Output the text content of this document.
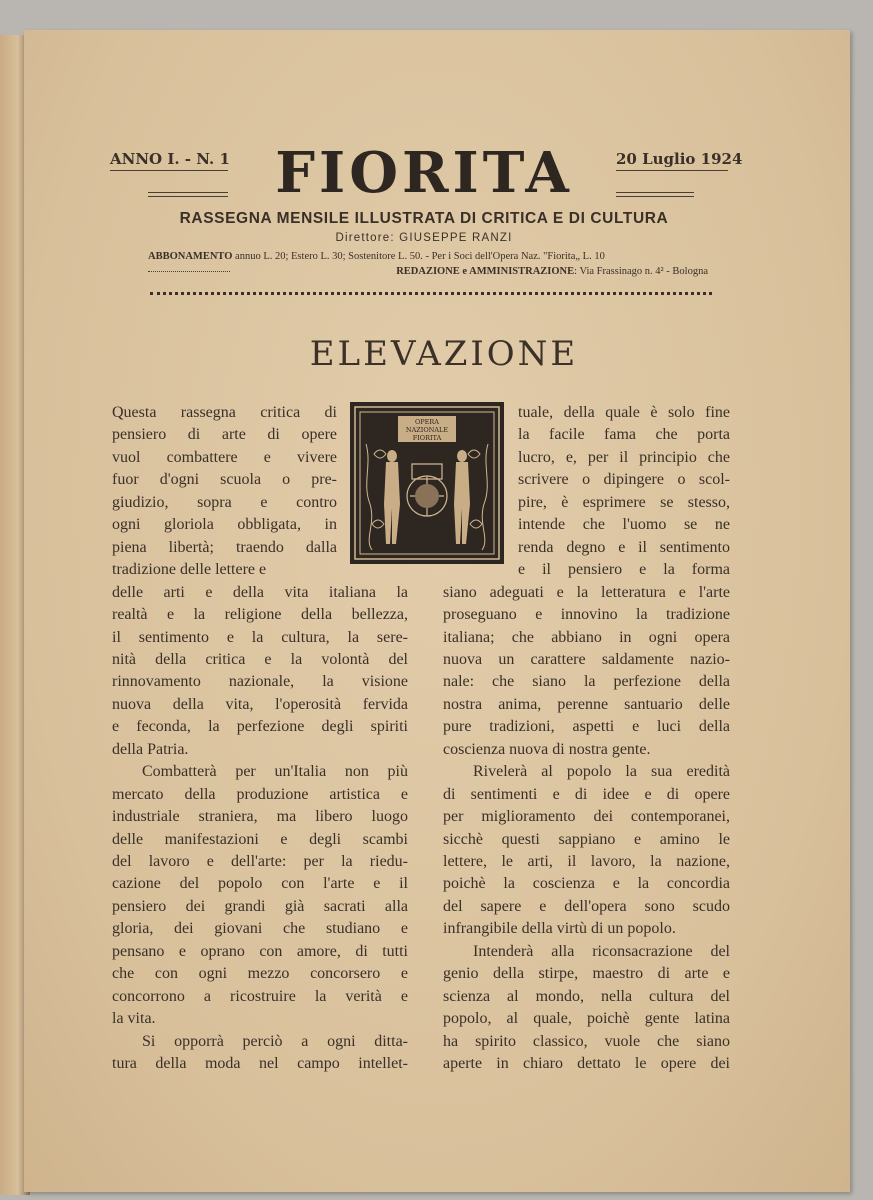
ANNO I. - N. 1 FIORITA	20 Luglio 1924
RASSEGNA MENSILE ILLUSTRATA DI CRITICA E DI CULTURA
Direttore: GIUSEPPE RANZI
ABBONAMENTO annuo L. 20; Estero L. 30; Sostenitore L. 50. - Per i Soci dell'Opera Naz. "Fiorita„ L. 10
REDAZIONE e AMMINISTRAZIONE: Via Frassinago n. 4² - Bologna
ELEVAZIONE
OPERA
NAZIONALE
FIORITA
Questa rassegna critica di
pensiero di arte di opere
vuol combattere e vivere
fuor d'ogni scuola o pre-
giudizio, sopra e contro
ogni gloriola obbligata, in
piena libertà; traendo dalla
tradizione delle lettere e
delle arti e della vita italiana la
realtà e la religione della bellezza,
il sentimento e la cultura, la sere-
nità della critica e la volontà del
rinnovamento nazionale, la visione
nuova della vita, l'operosità fervida
e feconda, la perfezione degli spiriti
della Patria.
Combatterà per un'Italia non più
mercato della produzione artistica e
industriale straniera, ma libero luogo
delle manifestazioni e degli scambi
del lavoro e dell'arte: per la riedu-
cazione del popolo con l'arte e il
pensiero dei grandi già sacrati alla
gloria, dei giovani che studiano e
pensano e oprano con amore, di tutti
che con ogni mezzo concorsero e
concorrono a ricostruire la verità e
la vita.
Si opporrà perciò a ogni ditta-
tura della moda nel campo intellet-
tuale, della quale è solo fine
la facile fama che porta
lucro, e, per il principio che
scrivere o dipingere o scol-
pire, è esprimere se stesso,
intende che l'uomo se ne
renda degno e il sentimento
e il pensiero e la forma
siano adeguati e la letteratura e l'arte
proseguano e innovino la tradizione
italiana; che abbiano in ogni opera
nuova un carattere saldamente nazio-
nale: che siano la perfezione della
nostra anima, perenne santuario delle
pure tradizioni, aspetti e luci della
coscienza nuova di nostra gente.
Rivelerà al popolo la sua eredità
di sentimenti e di idee e di opere
per miglioramento dei contemporanei,
sicchè questi sappiano e amino le
lettere, le arti, il lavoro, la nazione,
poichè la coscienza e la concordia
del sapere e dell'opera sono scudo
infrangibile della virtù di un popolo.
Intenderà alla riconsacrazione del
genio della stirpe, maestro di arte e
scienza al mondo, nella cultura del
popolo, al quale, poichè gente latina
ha spirito classico, vuole che siano
aperte in chiaro dettato le opere dei
